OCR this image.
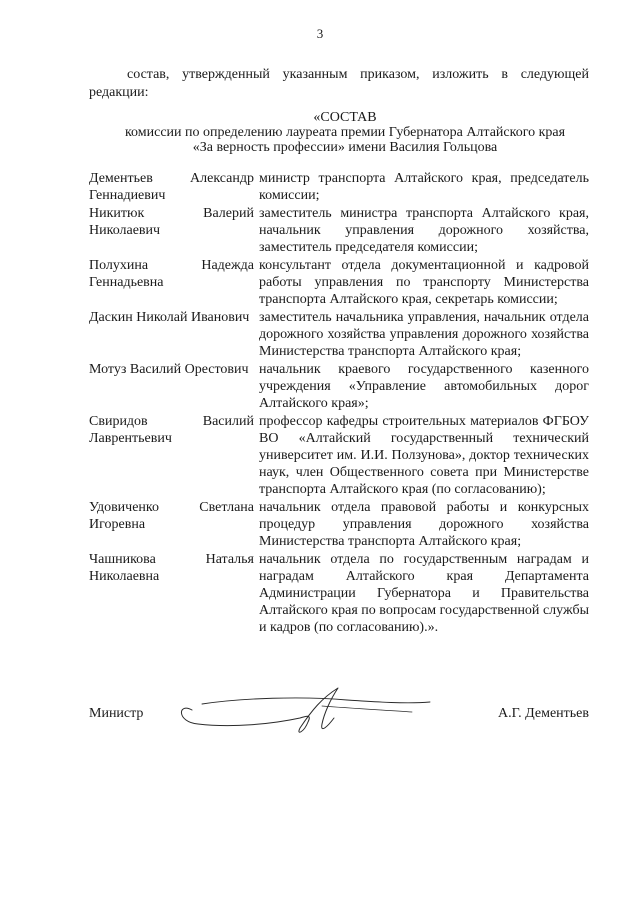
3
состав, утвержденный указанным приказом, изложить в следующей редакции:
«СОСТАВ
комиссии по определению лауреата премии Губернатора Алтайского края
«За верность профессии» имени Василия Гольцова
Дементьев Александр Геннадиевич
министр транспорта Алтайского края, председатель комиссии;
Никитюк Валерий Николаевич
заместитель министра транспорта Алтайского края, начальник управления дорожного хозяйства, заместитель председателя комиссии;
Полухина Надежда Геннадьевна
консультант отдела документационной и кадровой работы управления по транспорту Министерства транспорта Алтайского края, секретарь комиссии;
Даскин Николай Иванович заместитель начальника управления, начальник отдела дорожного хозяйства управления дорожного хозяйства Министерства транспорта Алтайского края;
Мотуз Василий Орестович начальник краевого государственного казенного учреждения «Управление автомобильных дорог Алтайского края»;
Свиридов Василий Лаврентьевич
профессор кафедры строительных материалов ФГБОУ ВО «Алтайский государственный технический университет им. И.И. Ползунова», доктор технических наук, член Общественного совета при Министерстве транспорта Алтайского края (по согласованию);
Удовиченко Светлана Игоревна
начальник отдела правовой работы и конкурсных процедур управления дорожного хозяйства Министерства транспорта Алтайского края;
Чашникова Наталья Николаевна
начальник отдела по государственным наградам и наградам Алтайского края Департамента Администрации Губернатора и Правительства Алтайского края по вопросам государственной службы и кадров (по согласованию).».
Министр	А.Г. Дементьев
